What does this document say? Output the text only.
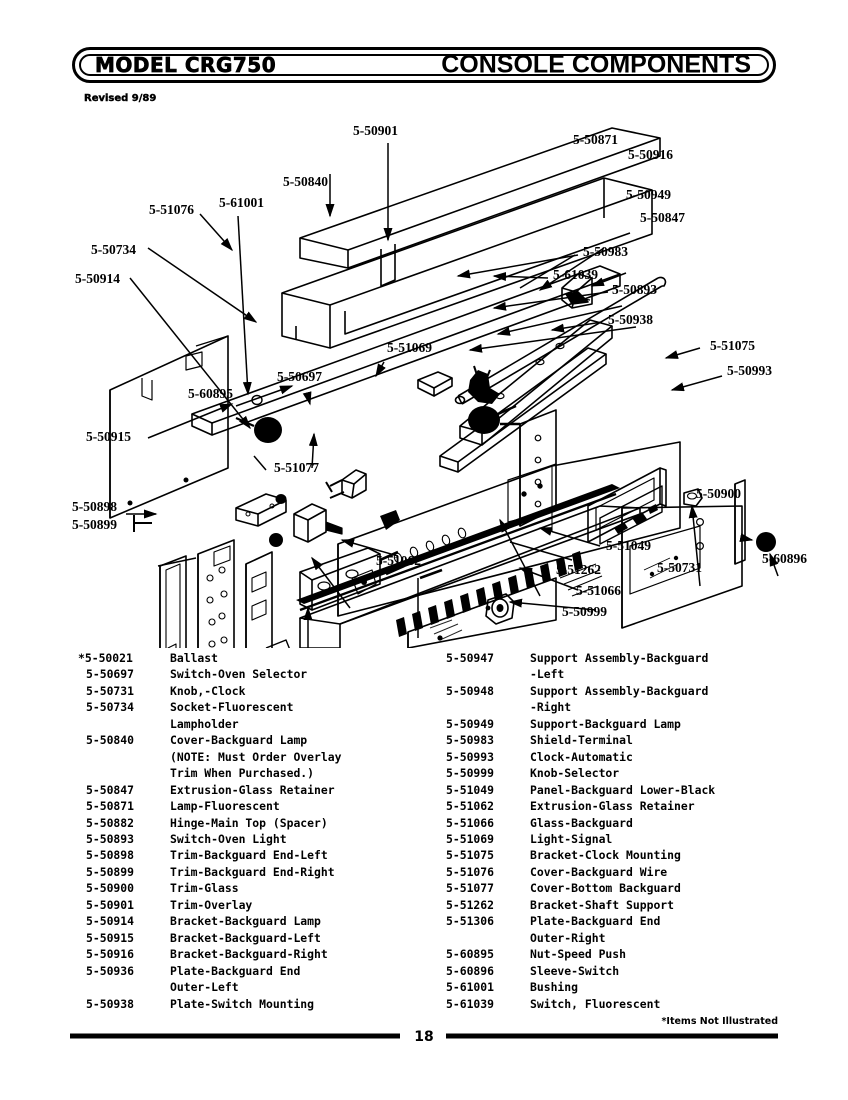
MODEL CRG750	CONSOLE COMPONENTS
Revised 9/89
5-50901
5-50871
5-50916
5-50840
5-50949
5-61001
5-50847
5-51076
5-50734	5-50983
5-61039
5-50893
5-50914
5-50938
5-51069	5-51075
5-50697	5-50993
5-60895
5-50915
5-51077
5-50898
5-50899
5-50900
5-51049
5-51262	5-50731
5-60896
5-51062
5-51066
5-50999
*5-50021	Ballast
5-50697	Switch-Oven Selector
5-50731	Knob,-Clock
5-50734	Socket-Fluorescent
Lampholder
5-50840	Cover-Backguard Lamp
(NOTE: Must Order Overlay
Trim When Purchased.)
5-50847	Extrusion-Glass Retainer
5-50871	Lamp-Fluorescent
5-50882	Hinge-Main Top (Spacer)
5-50893	Switch-Oven Light
5-50898	Trim-Backguard End-Left
5-50899	Trim-Backguard End-Right
5-50900	Trim-Glass
5-50901	Trim-Overlay
5-50914	Bracket-Backguard Lamp
5-50915	Bracket-Backguard-Left
5-50916	Bracket-Backguard-Right
5-50936	Plate-Backguard End
Outer-Left
5-50938	Plate-Switch Mounting
5-50947	Support Assembly-Backguard
-Left
5-50948	Support Assembly-Backguard
-Right
5-50949	Support-Backguard Lamp
5-50983	Shield-Terminal
5-50993	Clock-Automatic
5-50999	Knob-Selector
5-51049	Panel-Backguard Lower-Black
5-51062	Extrusion-Glass Retainer
5-51066	Glass-Backguard
5-51069	Light-Signal
5-51075	Bracket-Clock Mounting
5-51076	Cover-Backguard Wire
5-51077	Cover-Bottom Backguard
5-51262	Bracket-Shaft Support
5-51306	Plate-Backguard End
Outer-Right
5-60895	Nut-Speed Push
5-60896	Sleeve-Switch
5-61001	Bushing
5-61039	Switch, Fluorescent
*Items Not Illustrated
18
